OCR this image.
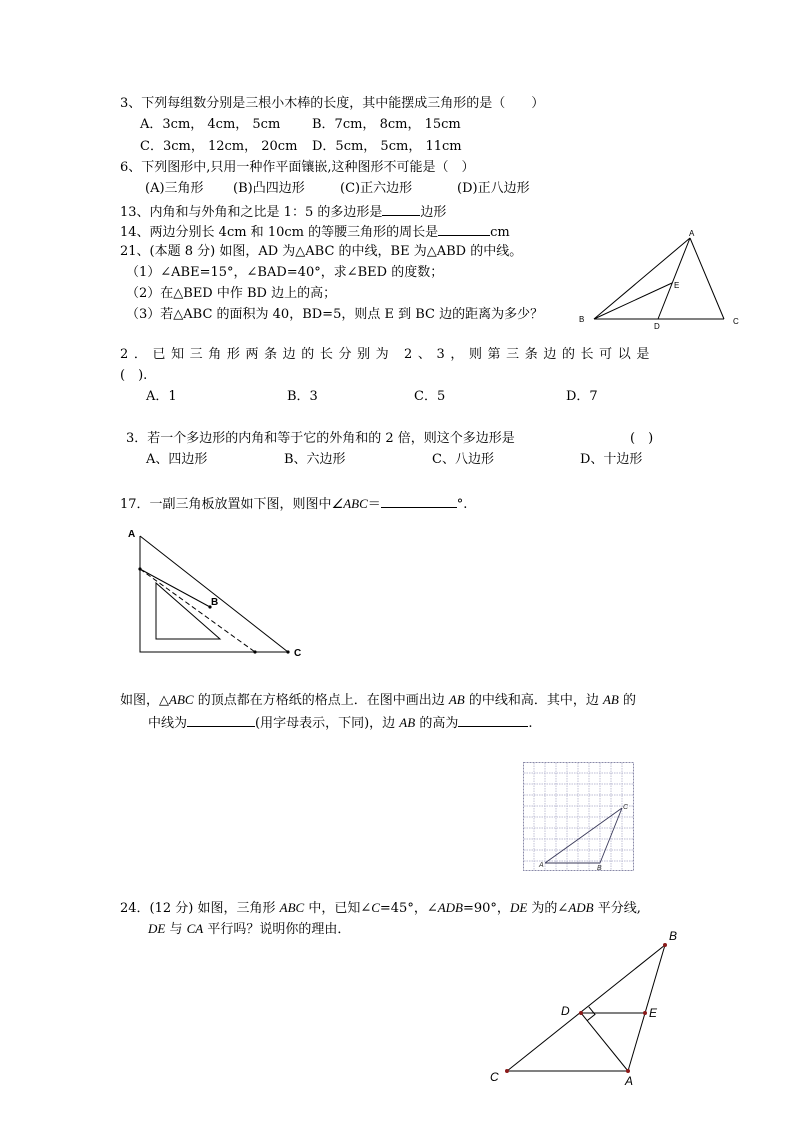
3、下列每组数分别是三根小木棒的长度，其中能摆成三角形的是（　　）
A．3cm， 4cm， 5cm B．7cm， 8cm， 15cm
C．3cm， 12cm， 20cm D．5cm， 5cm， 11cm
6、下列图形中,只用一种作平面镶嵌,这种图形不可能是（　）
(A)三角形 (B)凸四边形	(C)正六边形	(D)正八边形
13、内角和与外角和之比是 1：5 的多边形是	边形
14、两边分别长 4cm 和 10cm 的等腰三角形的周长是	cm
21、(本题 8 分) 如图，AD 为△ABC 的中线，BE 为△ABD 的中线。
（1）∠ABE=15°，∠BAD=40°，求∠BED 的度数；
（2）在△BED 中作 BD 边上的高；
（3）若△ABC 的面积为 40，BD=5，则点 E 到 BC 边的距离为多少？
A
B	C
D
E
2．已知三角形两条边的长分别为 2、3，则第三条边的长可以是
(　).
A．1	B．3	C．5	D．7
3．若一个多边形的内角和等于它的外角和的 2 倍，则这个多边形是	(　)
A、四边形	B、六边形	C、八边形	D、十边形
17．一副三角板放置如下图，则图中∠ABC＝	°.
A
B
C
如图，△ABC 的顶点都在方格纸的格点上．在图中画出边 AB 的中线和高．其中，边 AB 的
中线为	(用字母表示，下同)，边 AB 的高为	.
A	B
C
24．(12 分) 如图，三角形 ABC 中，已知∠C=45°，∠ADB=90°，DE 为的∠ADB 平分线,
DE 与 CA 平行吗？说明你的理由．	B
C	A
D	E
